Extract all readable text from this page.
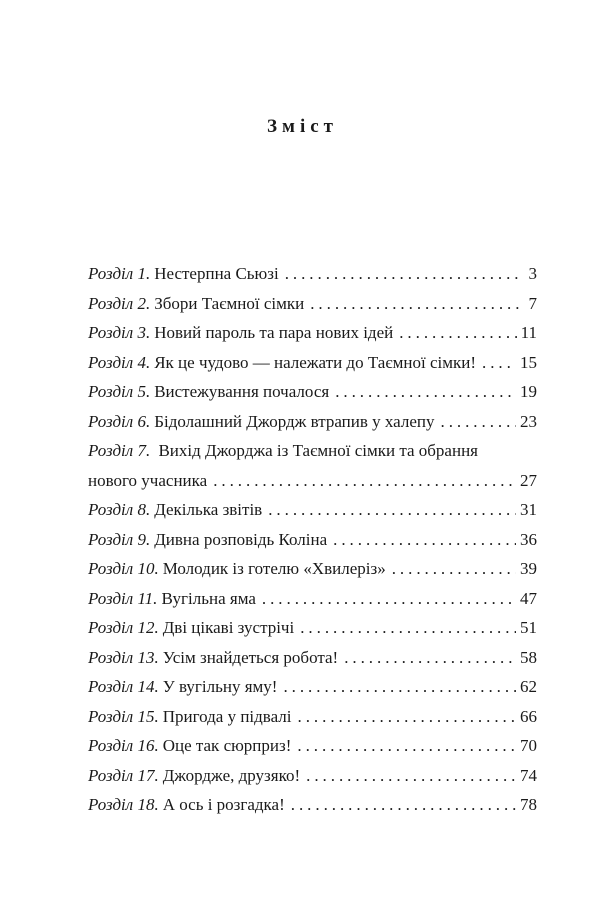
Зміст
Розділ 1. Нестерпна Сьюзі . . .	3
Розділ 2. Збори Таємної сімки . . .	7
Розділ 3. Новий пароль та пара нових ідей . . .	11
Розділ 4. Як це чудово — належати до Таємної сімки! . . .	15
Розділ 5. Вистежування почалося . . .	19
Розділ 6. Бідолашний Джордж втрапив у халепу . . .	23
Розділ 7. Вихід Джорджа із Таємної сімки та обрання
нового учасника . . .	27
Розділ 8. Декілька звітів . . .	31
Розділ 9. Дивна розповідь Коліна . . .	36
Розділ 10. Молодик із готелю «Хвилеріз» . . .	39
Розділ 11. Вугільна яма . . .	47
Розділ 12. Дві цікаві зустрічі . . .	51
Розділ 13. Усім знайдеться робота! . . .	58
Розділ 14. У вугільну яму! . . .	62
Розділ 15. Пригода у підвалі . . .	66
Розділ 16. Оце так сюрприз! . . .	70
Розділ 17. Джордже, друзяко! . . .	74
Розділ 18. А ось і розгадка! . . .	78
